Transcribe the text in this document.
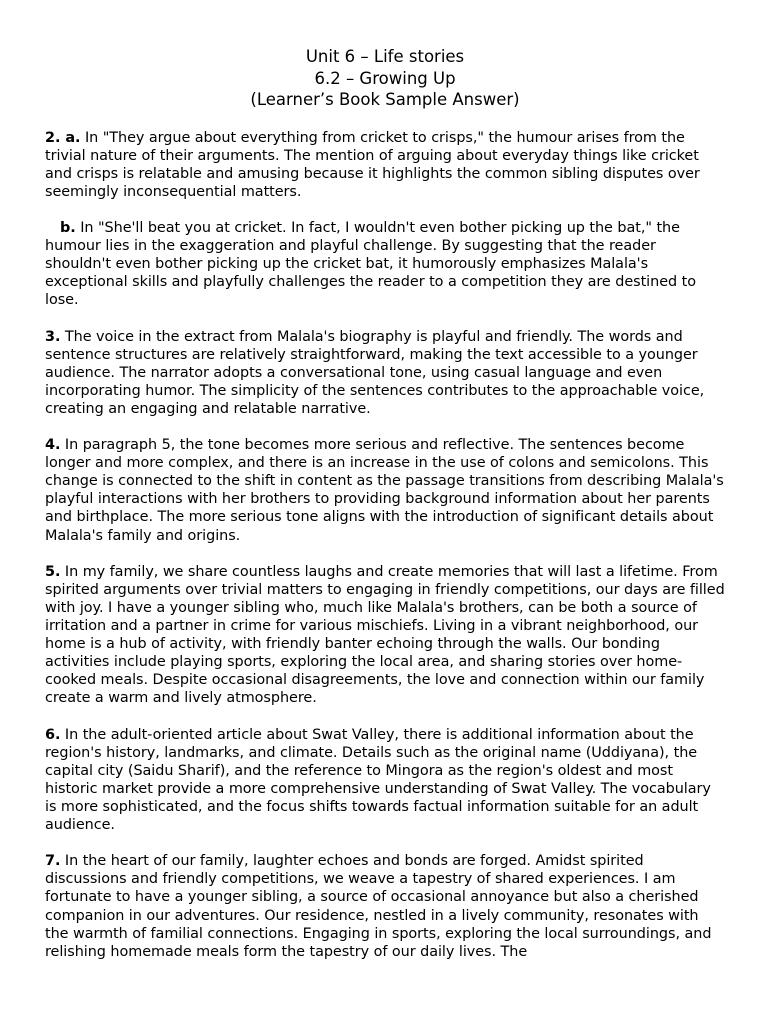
Unit 6 – Life stories
6.2 – Growing Up
(Learner’s Book Sample Answer)

2. a. In "They argue about everything from cricket to crisps," the humour arises from the trivial nature of their arguments. The mention of arguing about everyday things like cricket and crisps is relatable and amusing because it highlights the common sibling disputes over seemingly inconsequential matters.

b. In "She'll beat you at cricket. In fact, I wouldn't even bother picking up the bat," the humour lies in the exaggeration and playful challenge. By suggesting that the reader shouldn't even bother picking up the cricket bat, it humorously emphasizes Malala's exceptional skills and playfully challenges the reader to a competition they are destined to lose.

3. The voice in the extract from Malala's biography is playful and friendly. The words and sentence structures are relatively straightforward, making the text accessible to a younger audience. The narrator adopts a conversational tone, using casual language and even incorporating humor. The simplicity of the sentences contributes to the approachable voice, creating an engaging and relatable narrative.

4. In paragraph 5, the tone becomes more serious and reflective. The sentences become longer and more complex, and there is an increase in the use of colons and semicolons. This change is connected to the shift in content as the passage transitions from describing Malala's playful interactions with her brothers to providing background information about her parents and birthplace. The more serious tone aligns with the introduction of significant details about Malala's family and origins.

5. In my family, we share countless laughs and create memories that will last a lifetime. From spirited arguments over trivial matters to engaging in friendly competitions, our days are filled with joy. I have a younger sibling who, much like Malala's brothers, can be both a source of irritation and a partner in crime for various mischiefs. Living in a vibrant neighborhood, our home is a hub of activity, with friendly banter echoing through the walls. Our bonding activities include playing sports, exploring the local area, and sharing stories over home-cooked meals. Despite occasional disagreements, the love and connection within our family create a warm and lively atmosphere.

6. In the adult-oriented article about Swat Valley, there is additional information about the region's history, landmarks, and climate. Details such as the original name (Uddiyana), the capital city (Saidu Sharif), and the reference to Mingora as the region's oldest and most historic market provide a more comprehensive understanding of Swat Valley. The vocabulary is more sophisticated, and the focus shifts towards factual information suitable for an adult audience.

7. In the heart of our family, laughter echoes and bonds are forged. Amidst spirited discussions and friendly competitions, we weave a tapestry of shared experiences. I am fortunate to have a younger sibling, a source of occasional annoyance but also a cherished companion in our adventures. Our residence, nestled in a lively community, resonates with the warmth of familial connections. Engaging in sports, exploring the local surroundings, and relishing homemade meals form the tapestry of our daily lives. The
